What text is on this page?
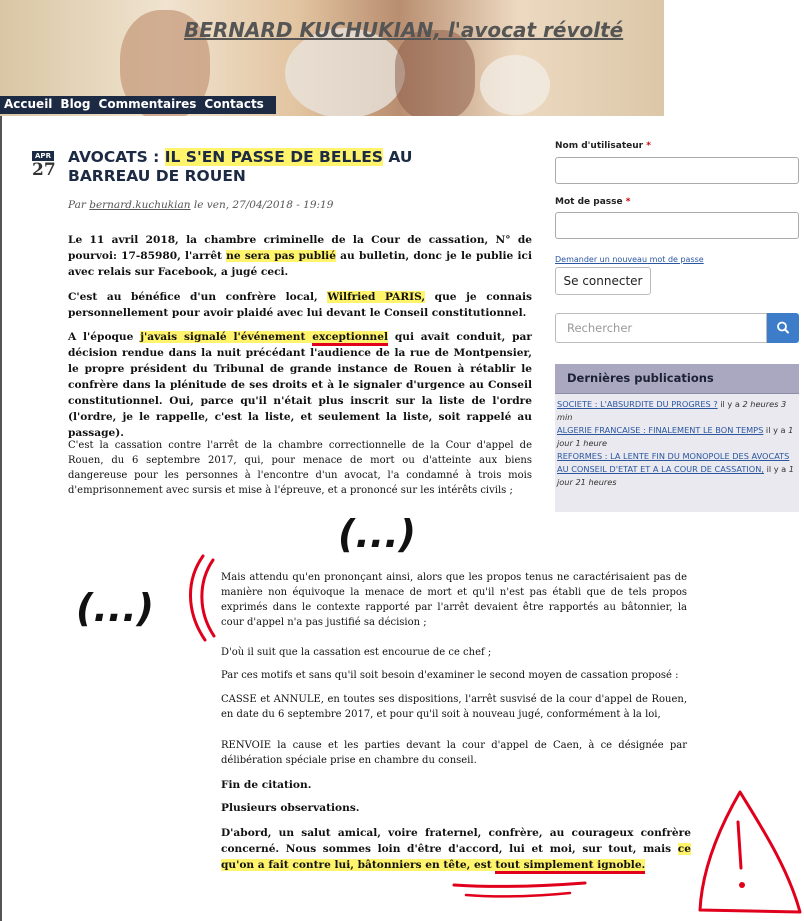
BERNARD KUCHUKIAN, l'avocat révolté
Accueil Blog Commentaires Contacts
APR
27
AVOCATS : IL S'EN PASSE DE BELLES AU BARREAU DE ROUEN
Par bernard.kuchukian le ven, 27/04/2018 - 19:19

Le 11 avril 2018, la chambre criminelle de la Cour de cassation, N° de pourvoi: 17-85980, l'arrêt ne sera pas publié au bulletin, donc je le publie ici avec relais sur Facebook, a jugé ceci.

C'est au bénéfice d'un confrère local, Wilfried PARIS, que je connais personnellement pour avoir plaidé avec lui devant le Conseil constitutionnel.

A l'époque j'avais signalé l'événement exceptionnel qui avait conduit, par décision rendue dans la nuit précédant l'audience de la rue de Montpensier, le propre président du Tribunal de grande instance de Rouen à rétablir le confrère dans la plénitude de ses droits et à le signaler d'urgence au Conseil constitutionnel. Oui, parce qu'il n'était plus inscrit sur la liste de l'ordre (l'ordre, je le rappelle, c'est la liste, et seulement la liste, soit rappelé au passage).

C'est la cassation contre l'arrêt de la chambre correctionnelle de la Cour d'appel de Rouen, du 6 septembre 2017, qui, pour menace de mort ou d'atteinte aux biens dangereuse pour les personnes à l'encontre d'un avocat, l'a condamné à trois mois d'emprisonnement avec sursis et mise à l'épreuve, et a prononcé sur les intérêts civils ;

(...)
(...)

Mais attendu qu'en prononçant ainsi, alors que les propos tenus ne caractérisaient pas de manière non équivoque la menace de mort et qu'il n'est pas établi que de tels propos exprimés dans le contexte rapporté par l'arrêt devaient être rapportés au bâtonnier, la cour d'appel n'a pas justifié sa décision ;

D'où il suit que la cassation est encourue de ce chef ;

Par ces motifs et sans qu'il soit besoin d'examiner le second moyen de cassation proposé :

CASSE et ANNULE, en toutes ses dispositions, l'arrêt susvisé de la cour d'appel de Rouen, en date du 6 septembre 2017, et pour qu'il soit à nouveau jugé, conformément à la loi,

RENVOIE la cause et les parties devant la cour d'appel de Caen, à ce désignée par délibération spéciale prise en chambre du conseil.

Fin de citation.

Plusieurs observations.

D'abord, un salut amical, voire fraternel, confrère, au courageux confrère concerné. Nous sommes loin d'être d'accord, lui et moi, sur tout, mais ce qu'on a fait contre lui, bâtonniers en tête, est tout simplement ignoble.

Nom d'utilisateur *
Mot de passe *
Demander un nouveau mot de passe
Se connecter
Rechercher
Dernières publications
SOCIETE : L'ABSURDITE DU PROGRES ? il y a 2 heures 3 min
ALGERIE FRANCAISE : FINALEMENT LE BON TEMPS il y a 1 jour 1 heure
REFORMES : LA LENTE FIN DU MONOPOLE DES AVOCATS AU CONSEIL D'ETAT ET A LA COUR DE CASSATION, il y a 1 jour 21 heures
